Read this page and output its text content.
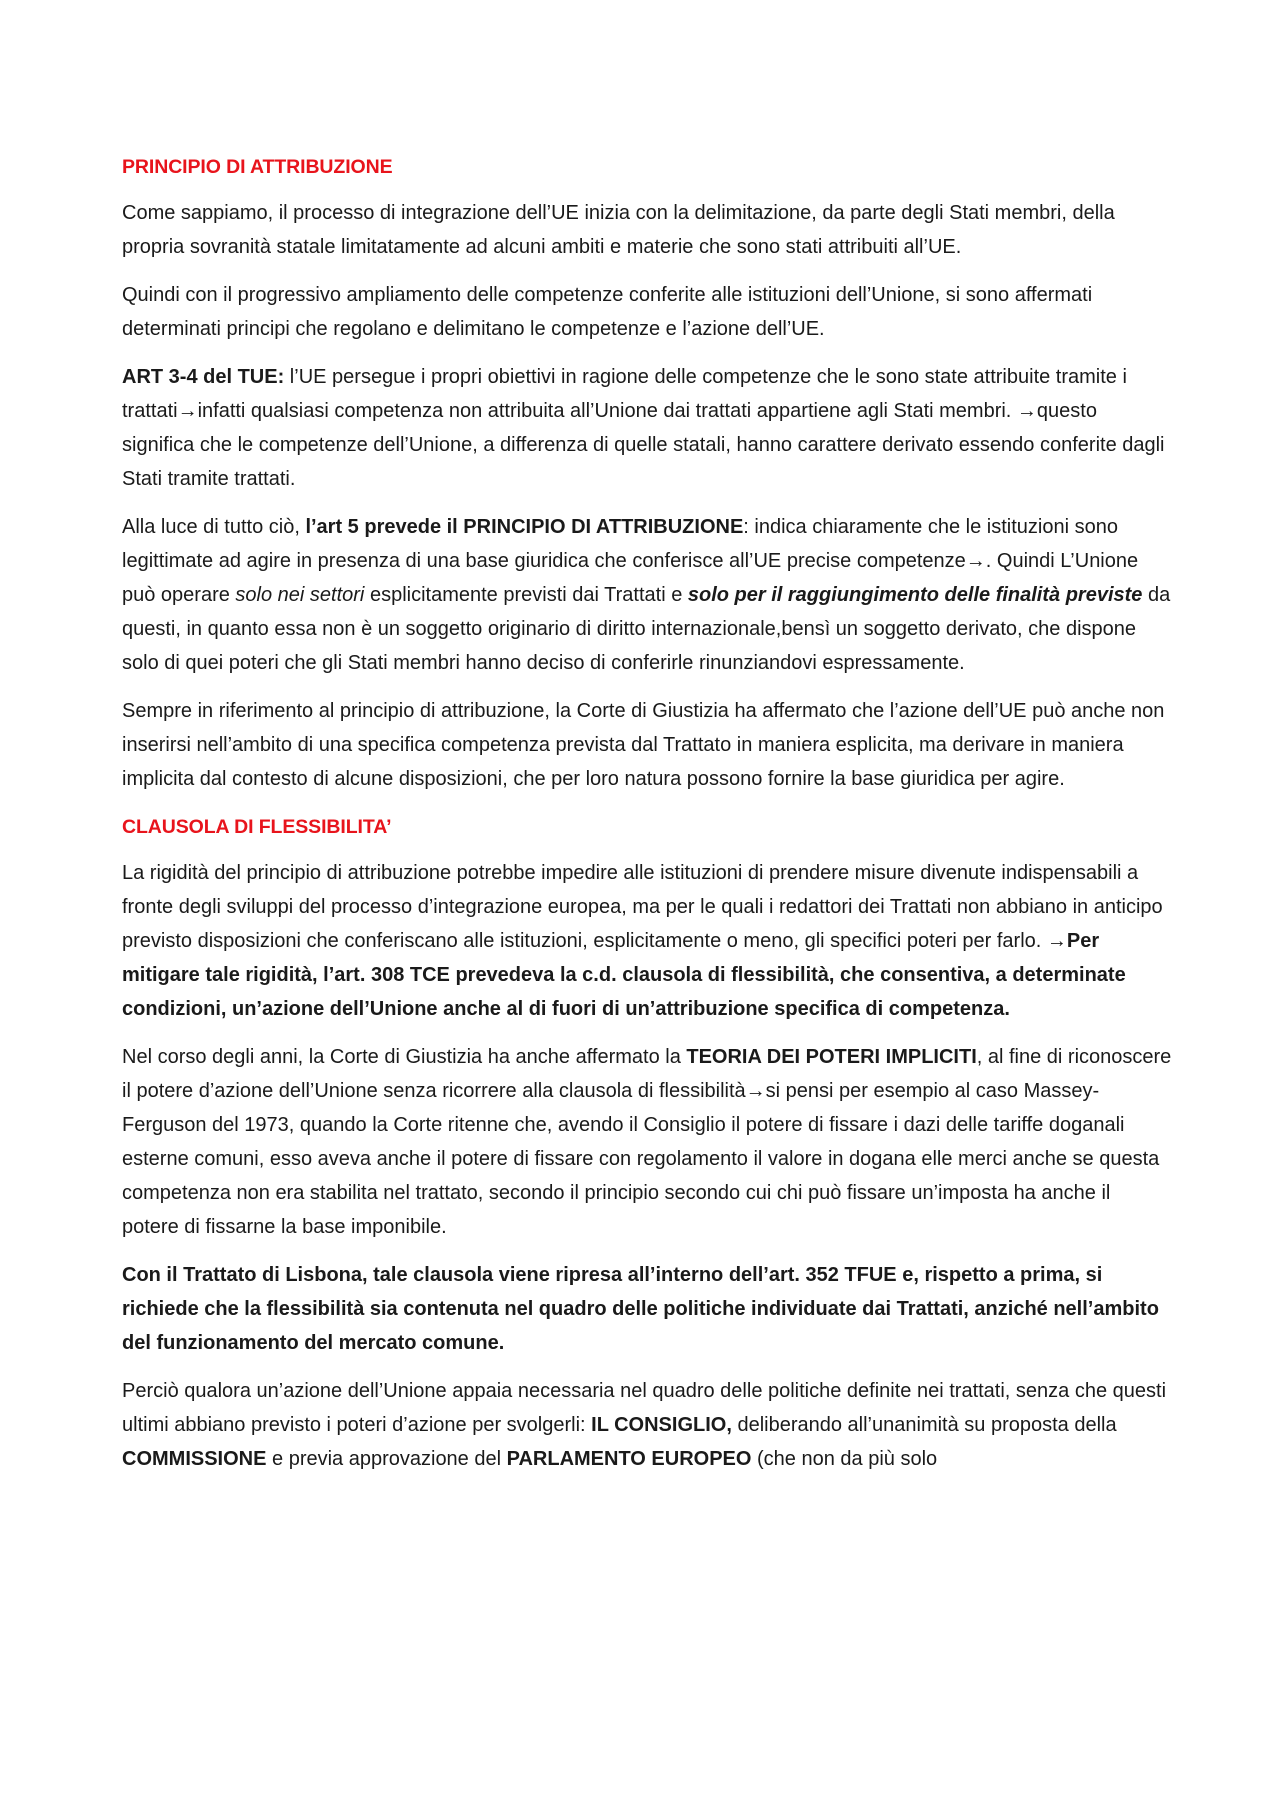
PRINCIPIO DI ATTRIBUZIONE

Come sappiamo, il processo di integrazione dell’UE inizia con la delimitazione, da parte degli Stati membri, della propria sovranità statale limitatamente ad alcuni ambiti e materie che sono stati attribuiti all’UE.

Quindi con il progressivo ampliamento delle competenze conferite alle istituzioni dell’Unione, si sono affermati determinati principi che regolano e delimitano le competenze e l’azione dell’UE.

ART 3-4 del TUE: l’UE persegue i propri obiettivi in ragione delle competenze che le sono state attribuite tramite i trattati→infatti qualsiasi competenza non attribuita all’Unione dai trattati appartiene agli Stati membri. →questo significa che le competenze dell’Unione, a differenza di quelle statali, hanno carattere derivato essendo conferite dagli Stati tramite trattati.

Alla luce di tutto ciò, l’art 5 prevede il PRINCIPIO DI ATTRIBUZIONE: indica chiaramente che le istituzioni sono legittimate ad agire in presenza di una base giuridica che conferisce all’UE precise competenze→. Quindi L’Unione può operare solo nei settori esplicitamente previsti dai Trattati e solo per il raggiungimento delle finalità previste da questi, in quanto essa non è un soggetto originario di diritto internazionale,bensì un soggetto derivato, che dispone solo di quei poteri che gli Stati membri hanno deciso di conferirle rinunziandovi espressamente.

Sempre in riferimento al principio di attribuzione, la Corte di Giustizia ha affermato che l’azione dell’UE può anche non inserirsi nell’ambito di una specifica competenza prevista dal Trattato in maniera esplicita, ma derivare in maniera implicita dal contesto di alcune disposizioni, che per loro natura possono fornire la base giuridica per agire.

CLAUSOLA DI FLESSIBILITA’

La rigidità del principio di attribuzione potrebbe impedire alle istituzioni di prendere misure divenute indispensabili a fronte degli sviluppi del processo d’integrazione europea, ma per le quali i redattori dei Trattati non abbiano in anticipo previsto disposizioni che conferiscano alle istituzioni, esplicitamente o meno, gli specifici poteri per farlo. →Per mitigare tale rigidità, l’art. 308 TCE prevedeva la c.d. clausola di flessibilità, che consentiva, a determinate condizioni, un’azione dell’Unione anche al di fuori di un’attribuzione specifica di competenza.

Nel corso degli anni, la Corte di Giustizia ha anche affermato la TEORIA DEI POTERI IMPLICITI, al fine di riconoscere il potere d’azione dell’Unione senza ricorrere alla clausola di flessibilità→si pensi per esempio al caso Massey-Ferguson del 1973, quando la Corte ritenne che, avendo il Consiglio il potere di fissare i dazi delle tariffe doganali esterne comuni, esso aveva anche il potere di fissare con regolamento il valore in dogana elle merci anche se questa competenza non era stabilita nel trattato, secondo il principio secondo cui chi può fissare un’imposta ha anche il potere di fissarne la base imponibile.

Con il Trattato di Lisbona, tale clausola viene ripresa all’interno dell’art. 352 TFUE e, rispetto a prima, si richiede che la flessibilità sia contenuta nel quadro delle politiche individuate dai Trattati, anziché nell’ambito del funzionamento del mercato comune.

Perciò qualora un’azione dell’Unione appaia necessaria nel quadro delle politiche definite nei trattati, senza che questi ultimi abbiano previsto i poteri d’azione per svolgerli: IL CONSIGLIO, deliberando all’unanimità su proposta della COMMISSIONE e previa approvazione del PARLAMENTO EUROPEO (che non da più solo
